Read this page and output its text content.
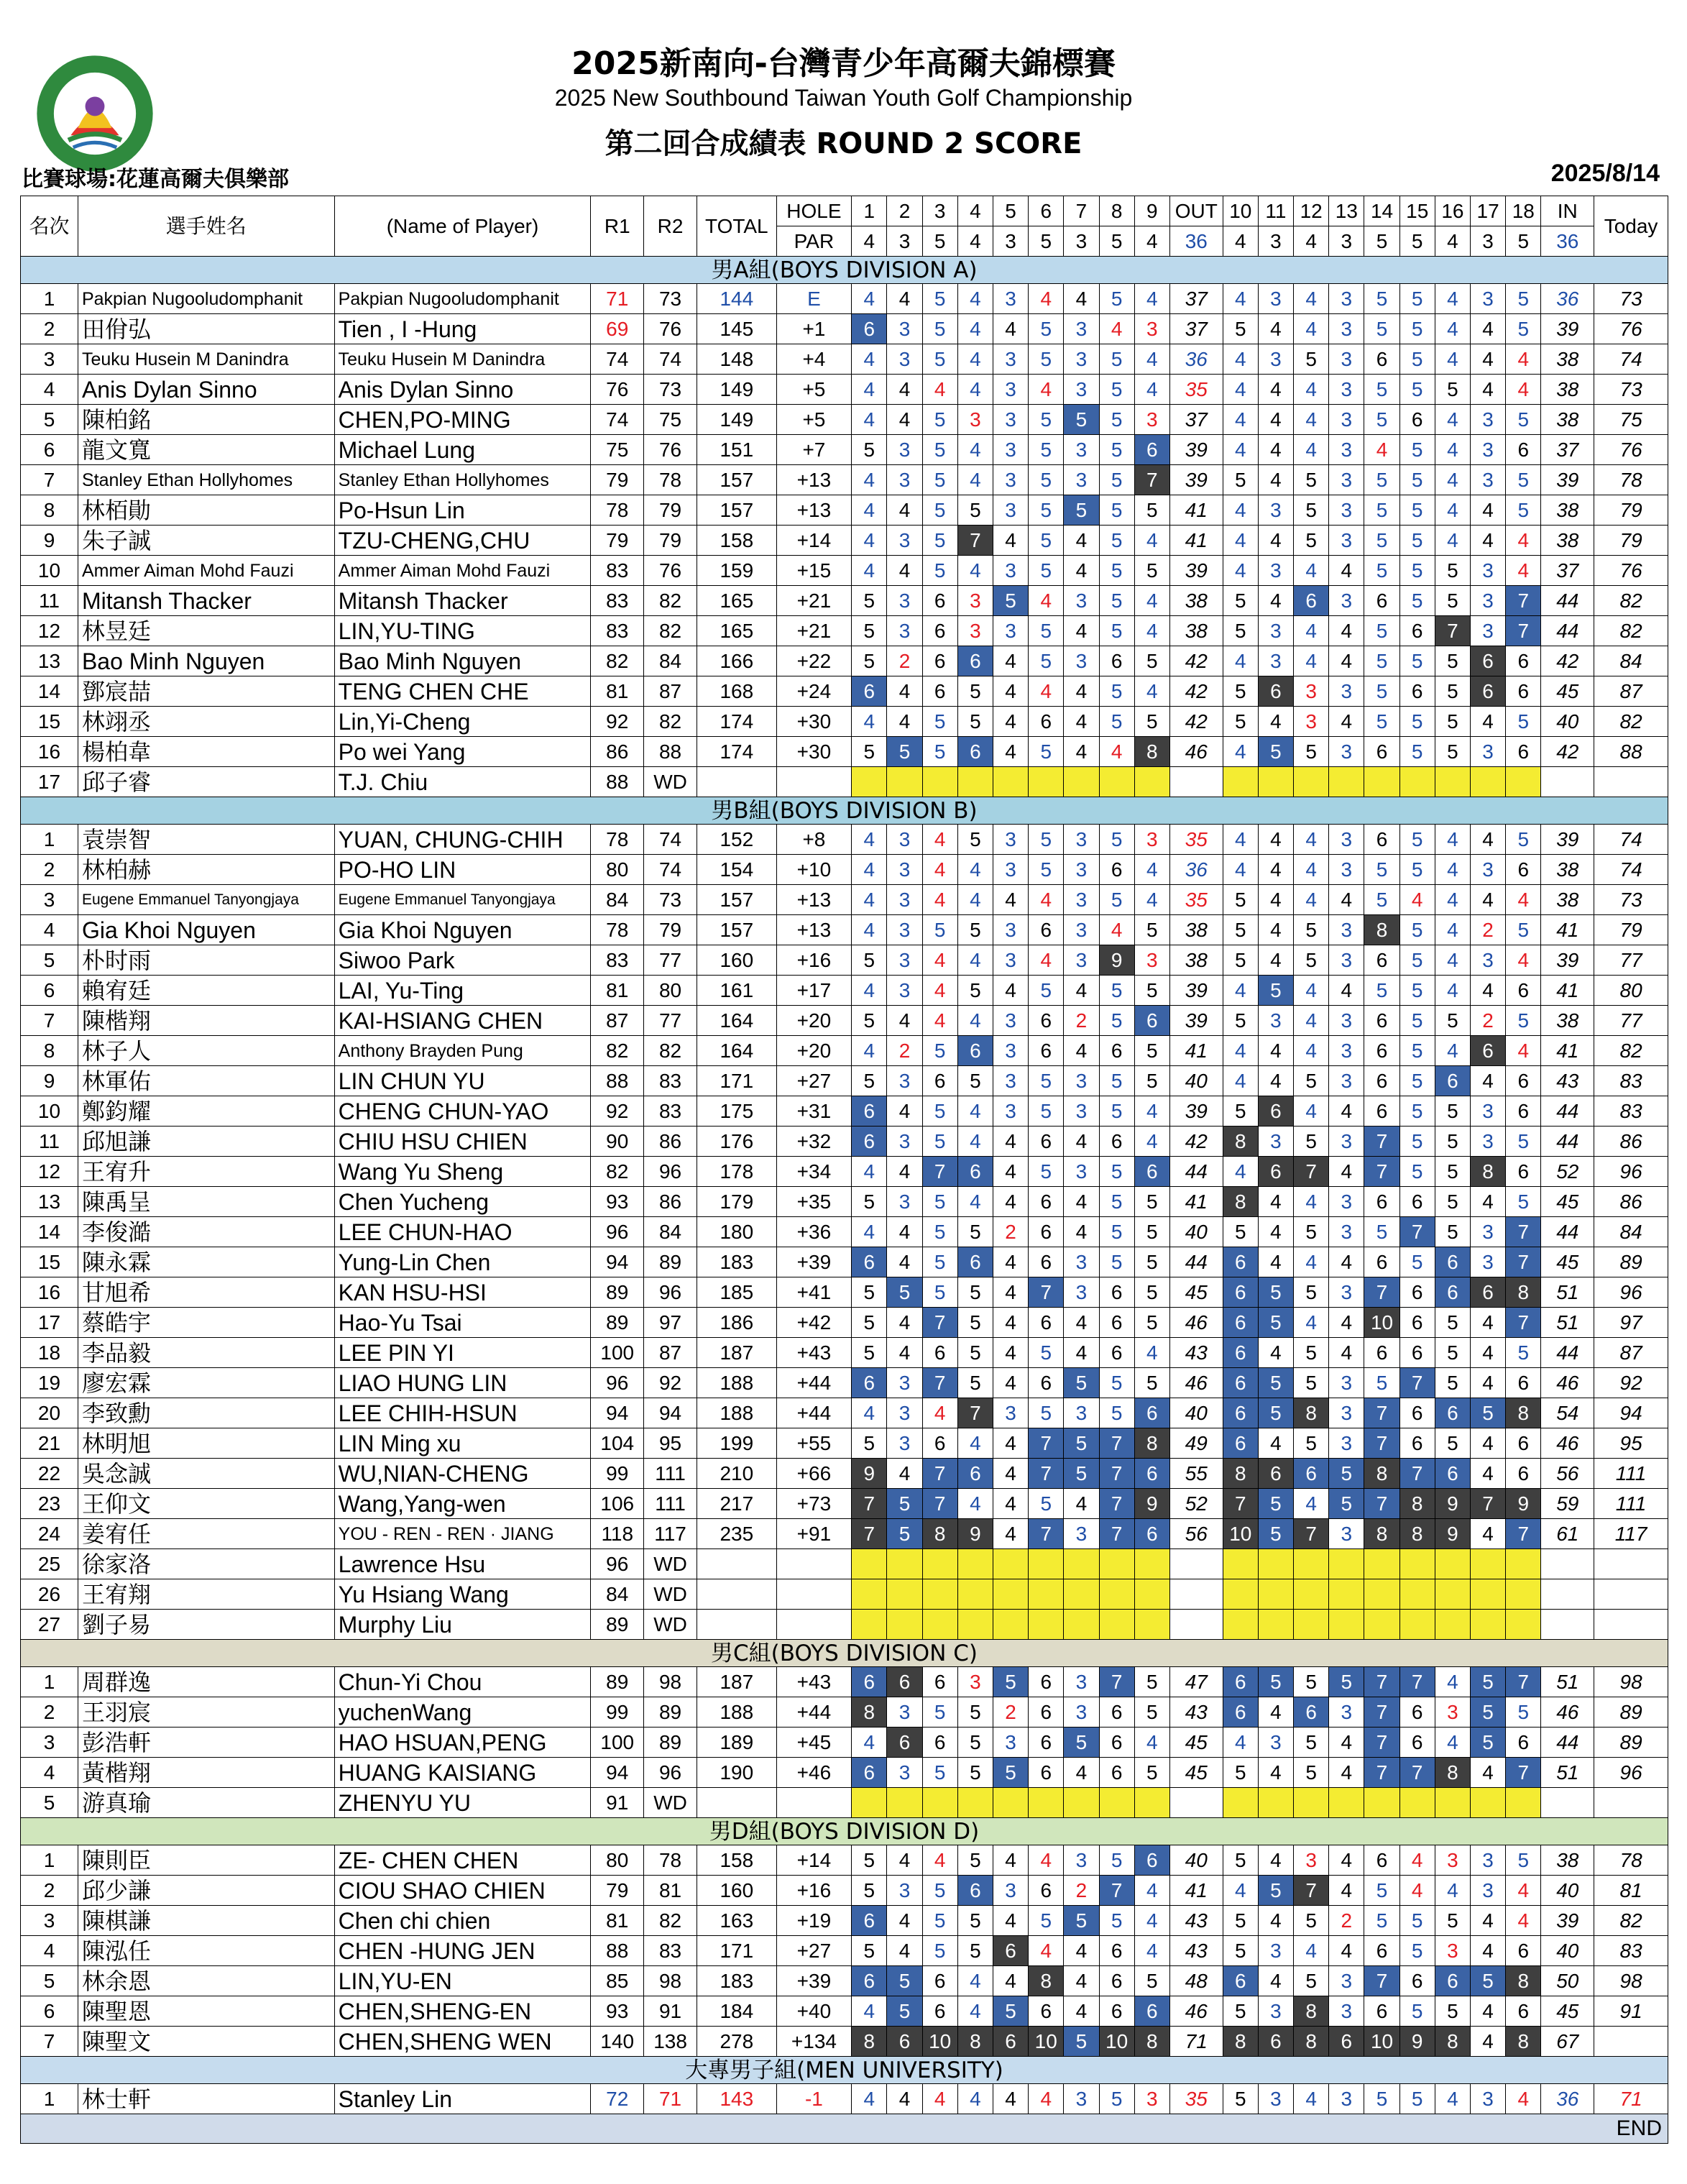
2025新南向-台灣青少年高爾夫錦標賽
2025 New Southbound Taiwan Youth Golf Championship
第二回合成績表 ROUND 2 SCORE
比賽球場:花蓮高爾夫俱樂部	2025/8/14
名次	選手姓名	(Name of Player)	R1	R2	TOTAL	HOLE	1	2	3	4	5	6	7	8	9	OUT	10	11	12	13	14	15	16	17	18	IN	Today
						PAR	4	3	5	4	3	5	3	5	4	36	4	3	4	3	5	5	4	3	5	36	
男A組(BOYS DIVISION A)																											
1	Pakpian Nugooludomphanit	Pakpian Nugooludomphanit	71	73	144	E	4	4	5	4	3	4	4	5	4	37	4	3	4	3	5	5	4	3	5	36	73
2	田佾弘	Tien , I -Hung	69	76	145	+1	6	3	5	4	4	5	3	4	3	37	5	4	4	3	5	5	4	4	5	39	76
3	Teuku Husein M Danindra	Teuku Husein M Danindra	74	74	148	+4	4	3	5	4	3	5	3	5	4	36	4	3	5	3	6	5	4	4	4	38	74
4	Anis Dylan Sinno	Anis Dylan Sinno	76	73	149	+5	4	4	4	4	3	4	3	5	4	35	4	4	4	3	5	5	5	4	4	38	73
5	陳柏銘	CHEN,PO-MING	74	75	149	+5	4	4	5	3	3	5	5	5	3	37	4	4	4	3	5	6	4	3	5	38	75
6	龍文寬	Michael Lung	75	76	151	+7	5	3	5	4	3	5	3	5	6	39	4	4	4	3	4	5	4	3	6	37	76
7	Stanley Ethan Hollyhomes	Stanley Ethan Hollyhomes	79	78	157	+13	4	3	5	4	3	5	3	5	7	39	5	4	5	3	5	5	4	3	5	39	78
8	林栢勛	Po-Hsun Lin	78	79	157	+13	4	4	5	5	3	5	5	5	5	41	4	3	5	3	5	5	4	4	5	38	79
9	朱子誠	TZU-CHENG,CHU	79	79	158	+14	4	3	5	7	4	5	4	5	4	41	4	4	5	3	5	5	4	4	4	38	79
10	Ammer Aiman Mohd Fauzi	Ammer Aiman Mohd Fauzi	83	76	159	+15	4	4	5	4	3	5	4	5	5	39	4	3	4	4	5	5	5	3	4	37	76
11	Mitansh Thacker	Mitansh Thacker	83	82	165	+21	5	3	6	3	5	4	3	5	4	38	5	4	6	3	6	5	5	3	7	44	82
12	林昱廷	LIN,YU-TING	83	82	165	+21	5	3	6	3	3	5	4	5	4	38	5	3	4	4	5	6	7	3	7	44	82
13	Bao Minh Nguyen	Bao Minh Nguyen	82	84	166	+22	5	2	6	6	4	5	3	6	5	42	4	3	4	4	5	5	5	6	6	42	84
14	鄧宸喆	TENG CHEN CHE	81	87	168	+24	6	4	6	5	4	4	4	5	4	42	5	6	3	3	5	6	5	6	6	45	87
15	林翊丞	Lin,Yi-Cheng	92	82	174	+30	4	4	5	5	4	6	4	5	5	42	5	4	3	4	5	5	5	4	5	40	82
16	楊柏韋	Po wei Yang	86	88	174	+30	5	5	5	6	4	5	4	4	8	46	4	5	5	3	6	5	5	3	6	42	88
17	邱子睿	T.J. Chiu	88	WD																							
男B組(BOYS DIVISION B)																											
1	袁崇智	YUAN, CHUNG-CHIH	78	74	152	+8	4	3	4	5	3	5	3	5	3	35	4	4	4	3	6	5	4	4	5	39	74
2	林柏赫	PO-HO LIN	80	74	154	+10	4	3	4	4	3	5	3	6	4	36	4	4	4	3	5	5	4	3	6	38	74
3	Eugene Emmanuel Tanyongjaya	Eugene Emmanuel Tanyongjaya	84	73	157	+13	4	3	4	4	4	4	3	5	4	35	5	4	4	4	5	4	4	4	4	38	73
4	Gia Khoi Nguyen	Gia Khoi Nguyen	78	79	157	+13	4	3	5	5	3	6	3	4	5	38	5	4	5	3	8	5	4	2	5	41	79
5	朴时雨	Siwoo Park	83	77	160	+16	5	3	4	4	3	4	3	9	3	38	5	4	5	3	6	5	4	3	4	39	77
6	賴宥廷	LAI, Yu-Ting	81	80	161	+17	4	3	4	5	4	5	4	5	5	39	4	5	4	4	5	5	4	4	6	41	80
7	陳楷翔	KAI-HSIANG CHEN	87	77	164	+20	5	4	4	4	3	6	2	5	6	39	5	3	4	3	6	5	5	2	5	38	77
8	林子人	Anthony Brayden Pung	82	82	164	+20	4	2	5	6	3	6	4	6	5	41	4	4	4	3	6	5	4	6	4	41	82
9	林軍佑	LIN CHUN YU	88	83	171	+27	5	3	6	5	3	5	3	5	5	40	4	4	5	3	6	5	6	4	6	43	83
10	鄭鈞耀	CHENG CHUN-YAO	92	83	175	+31	6	4	5	4	3	5	3	5	4	39	5	6	4	4	6	5	5	3	6	44	83
11	邱旭謙	CHIU HSU CHIEN	90	86	176	+32	6	3	5	4	4	6	4	6	4	42	8	3	5	3	7	5	5	3	5	44	86
12	王宥升	Wang Yu Sheng	82	96	178	+34	4	4	7	6	4	5	3	5	6	44	4	6	7	4	7	5	5	8	6	52	96
13	陳禹呈	Chen Yucheng	93	86	179	+35	5	3	5	4	4	6	4	5	5	41	8	4	4	3	6	6	5	4	5	45	86
14	李俊澔	LEE CHUN-HAO	96	84	180	+36	4	4	5	5	2	6	4	5	5	40	5	4	5	3	5	7	5	3	7	44	84
15	陳永霖	Yung-Lin Chen	94	89	183	+39	6	4	5	6	4	6	3	5	5	44	6	4	4	4	6	5	6	3	7	45	89
16	甘旭希	KAN HSU-HSI	89	96	185	+41	5	5	5	5	4	7	3	6	5	45	6	5	5	3	7	6	6	6	8	51	96
17	蔡皓宇	Hao-Yu Tsai	89	97	186	+42	5	4	7	5	4	6	4	6	5	46	6	5	4	4	10	6	5	4	7	51	97
18	李品毅	LEE PIN YI	100	87	187	+43	5	4	6	5	4	5	4	6	4	43	6	4	5	4	6	6	5	4	5	44	87
19	廖宏霖	LIAO HUNG LIN	96	92	188	+44	6	3	7	5	4	6	5	5	5	46	6	5	5	3	5	7	5	4	6	46	92
20	李致勳	LEE CHIH-HSUN	94	94	188	+44	4	3	4	7	3	5	3	5	6	40	6	5	8	3	7	6	6	5	8	54	94
21	林明旭	LIN Ming xu	104	95	199	+55	5	3	6	4	4	7	5	7	8	49	6	4	5	3	7	6	5	4	6	46	95
22	吳念誠	WU,NIAN-CHENG	99	111	210	+66	9	4	7	6	4	7	5	7	6	55	8	6	6	5	8	7	6	4	6	56	111
23	王仰文	Wang,Yang-wen	106	111	217	+73	7	5	7	4	4	5	4	7	9	52	7	5	4	5	7	8	9	7	9	59	111
24	姜宥任	YOU - REN - REN · JIANG	118	117	235	+91	7	5	8	9	4	7	3	7	6	56	10	5	7	3	8	8	9	4	7	61	117
25	徐家洛	Lawrence Hsu	96	WD																							
26	王宥翔	Yu Hsiang Wang	84	WD																							
27	劉子易	Murphy Liu	89	WD																							
男C組(BOYS DIVISION C)																											
1	周群逸	Chun-Yi Chou	89	98	187	+43	6	6	6	3	5	6	3	7	5	47	6	5	5	5	7	7	4	5	7	51	98
2	王羽宸	yuchenWang	99	89	188	+44	8	3	5	5	2	6	3	6	5	43	6	4	6	3	7	6	3	5	5	46	89
3	彭浩軒	HAO HSUAN,PENG	100	89	189	+45	4	6	6	5	3	6	5	6	4	45	4	3	5	4	7	6	4	5	6	44	89
4	黃楷翔	HUANG KAISIANG	94	96	190	+46	6	3	5	5	5	6	4	6	5	45	5	4	5	4	7	7	8	4	7	51	96
5	游真瑜	ZHENYU YU	91	WD																							
男D組(BOYS DIVISION D)																											
1	陳則臣	ZE- CHEN CHEN	80	78	158	+14	5	4	4	5	4	4	3	5	6	40	5	4	3	4	6	4	3	3	5	38	78
2	邱少謙	CIOU SHAO CHIEN	79	81	160	+16	5	3	5	6	3	6	2	7	4	41	4	5	7	4	5	4	4	3	4	40	81
3	陳棋謙	Chen chi chien	81	82	163	+19	6	4	5	5	4	5	5	5	4	43	5	4	5	2	5	5	5	4	4	39	82
4	陳泓任	CHEN -HUNG JEN	88	83	171	+27	5	4	5	5	6	4	4	6	4	43	5	3	4	4	6	5	3	4	6	40	83
5	林余恩	LIN,YU-EN	85	98	183	+39	6	5	6	4	4	8	4	6	5	48	6	4	5	3	7	6	6	5	8	50	98
6	陳聖恩	CHEN,SHENG-EN	93	91	184	+40	4	5	6	4	5	6	4	6	6	46	5	3	8	3	6	5	5	4	6	45	91
7	陳聖文	CHEN,SHENG WEN	140	138	278	+134	8	6	10	8	6	10	5	10	8	71	8	6	8	6	10	9	8	4	8	67	
大專男子組(MEN UNIVERSITY)																											
1	林士軒	Stanley Lin	72	71	143	-1	4	4	4	4	4	4	3	5	3	35	5	3	4	3	5	5	4	3	4	36	71
END																											
